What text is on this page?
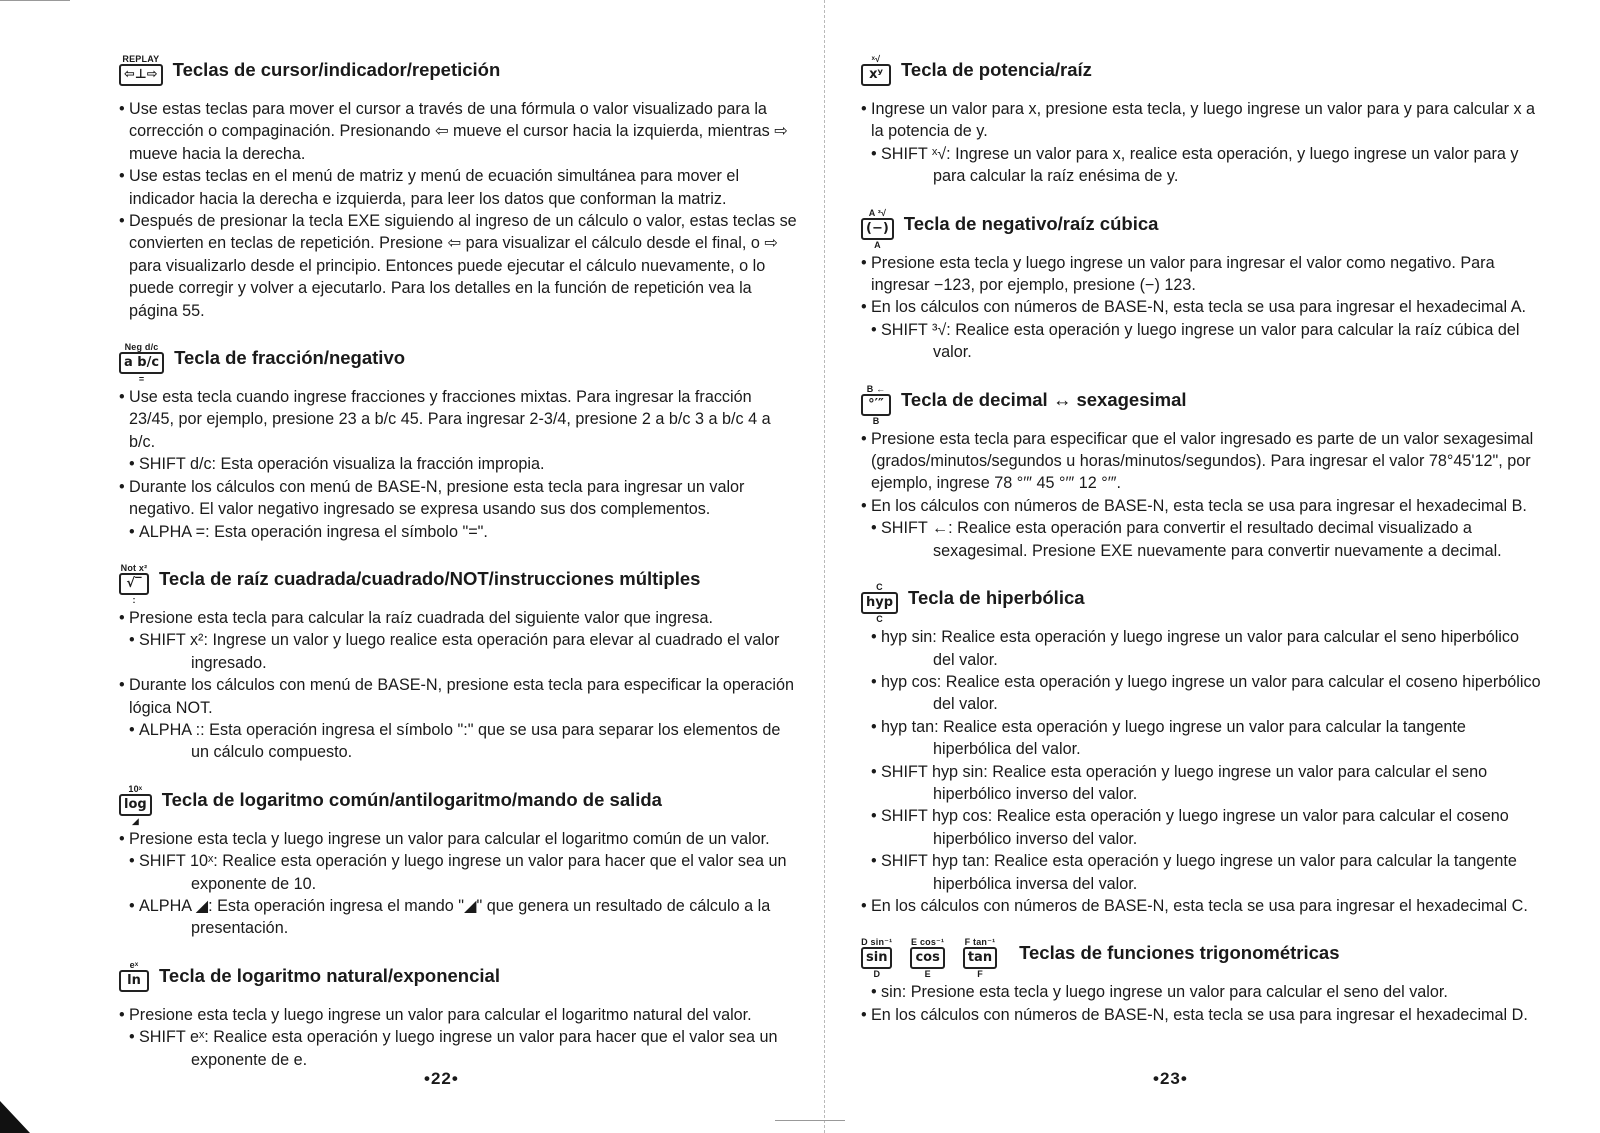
REPLAY
⇦⊥⇨
Teclas de cursor/indicador/repetición
• Use estas teclas para mover el cursor a través de una fórmula o valor visualizado para la corrección o compaginación. Presionando ⇦ mueve el cursor hacia la izquierda, mientras ⇨ mueve hacia la derecha.
• Use estas teclas en el menú de matriz y menú de ecuación simultánea para mover el indicador hacia la derecha e izquierda, para leer los datos que conforman la matriz.
• Después de presionar la tecla EXE siguiendo al ingreso de un cálculo o valor, estas teclas se convierten en teclas de repetición. Presione ⇦ para visualizar el cálculo desde el final, o ⇨ para visualizarlo desde el principio. Entonces puede ejecutar el cálculo nuevamente, o lo puede corregir y volver a ejecutarlo. Para los detalles en la función de repetición vea la página 55.
Neg d/c
a b/c
=
Tecla de fracción/negativo
• Use esta tecla cuando ingrese fracciones y fracciones mixtas. Para ingresar la fracción 23/45, por ejemplo, presione 23 a b/c 45. Para ingresar 2-3/4, presione 2 a b/c 3 a b/c 4 a b/c.
• SHIFT d/c: Esta operación visualiza la fracción impropia.
• Durante los cálculos con menú de BASE-N, presione esta tecla para ingresar un valor negativo. El valor negativo ingresado se expresa usando sus dos complementos.
• ALPHA =: Esta operación ingresa el símbolo "=".
Not x²
√‾
:
Tecla de raíz cuadrada/cuadrado/NOT/instrucciones múltiples
• Presione esta tecla para calcular la raíz cuadrada del siguiente valor que ingresa.
• SHIFT x²: Ingrese un valor y luego realice esta operación para elevar al cuadrado el valor ingresado.
• Durante los cálculos con menú de BASE-N, presione esta tecla para especificar la operación lógica NOT.
• ALPHA :: Esta operación ingresa el símbolo ":" que se usa para separar los elementos de un cálculo compuesto.
10ˣ
log
◢
Tecla de logaritmo común/antilogaritmo/mando de salida
• Presione esta tecla y luego ingrese un valor para calcular el logaritmo común de un valor.
• SHIFT 10ˣ: Realice esta operación y luego ingrese un valor para hacer que el valor sea un exponente de 10.
• ALPHA ◢: Esta operación ingresa el mando "◢" que genera un resultado de cálculo a la presentación.
eˣ
ln
Tecla de logaritmo natural/exponencial
• Presione esta tecla y luego ingrese un valor para calcular el logaritmo natural del valor.
• SHIFT eˣ: Realice esta operación y luego ingrese un valor para hacer que el valor sea un exponente de e.
•22•
ˣ√
xʸ
Tecla de potencia/raíz
• Ingrese un valor para x, presione esta tecla, y luego ingrese un valor para y para calcular x a la potencia de y.
• SHIFT ˣ√: Ingrese un valor para x, realice esta operación, y luego ingrese un valor para y para calcular la raíz enésima de y.
A ³√
(−)
A
Tecla de negativo/raíz cúbica
• Presione esta tecla y luego ingrese un valor para ingresar el valor como negativo. Para ingresar −123, por ejemplo, presione (−) 123.
• En los cálculos con números de BASE-N, esta tecla se usa para ingresar el hexadecimal A.
• SHIFT ³√: Realice esta operación y luego ingrese un valor para calcular la raíz cúbica del valor.
B ←
°′″
B
Tecla de decimal ↔ sexagesimal
• Presione esta tecla para especificar que el valor ingresado es parte de un valor sexagesimal (grados/minutos/segundos u horas/minutos/segundos). Para ingresar el valor 78°45'12", por ejemplo, ingrese 78 °′″ 45 °′″ 12 °′″.
• En los cálculos con números de BASE-N, esta tecla se usa para ingresar el hexadecimal B.
• SHIFT ←: Realice esta operación para convertir el resultado decimal visualizado a sexagesimal. Presione EXE nuevamente para convertir nuevamente a decimal.
C
hyp
C
Tecla de hiperbólica
• hyp sin: Realice esta operación y luego ingrese un valor para calcular el seno hiperbólico del valor.
• hyp cos: Realice esta operación y luego ingrese un valor para calcular el coseno hiperbólico del valor.
• hyp tan: Realice esta operación y luego ingrese un valor para calcular la tangente hiperbólica del valor.
• SHIFT hyp sin: Realice esta operación y luego ingrese un valor para calcular el seno hiperbólico inverso del valor.
• SHIFT hyp cos: Realice esta operación y luego ingrese un valor para calcular el coseno hiperbólico inverso del valor.
• SHIFT hyp tan: Realice esta operación y luego ingrese un valor para calcular la tangente hiperbólica inversa del valor.
• En los cálculos con números de BASE-N, esta tecla se usa para ingresar el hexadecimal C.
D sin⁻¹
sin
D
E cos⁻¹
cos
E
F tan⁻¹
tan
F
Teclas de funciones trigonométricas
• sin: Presione esta tecla y luego ingrese un valor para calcular el seno del valor.
• En los cálculos con números de BASE-N, esta tecla se usa para ingresar el hexadecimal D.
•23•
